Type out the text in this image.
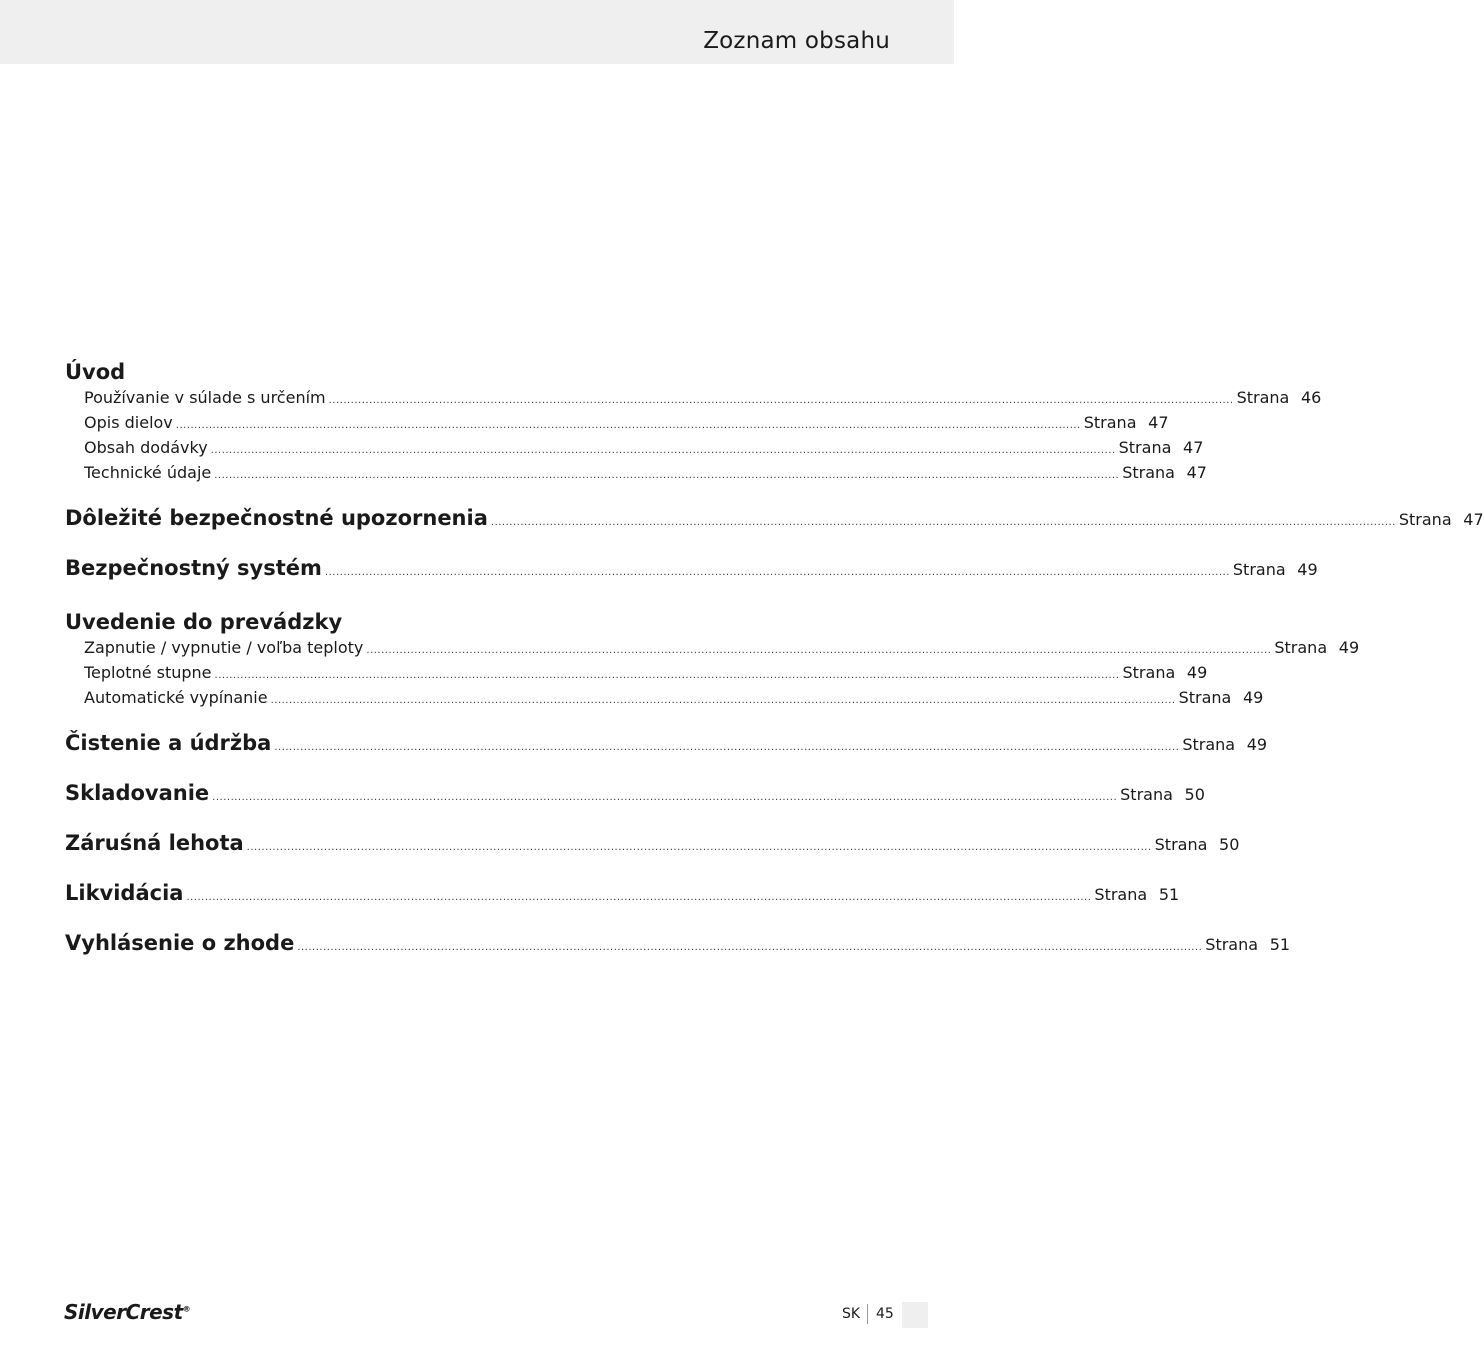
Zoznam obsahu
Úvod
Používanie v súlade s určením ...................................................................................................................................................................................................................................................... Strana 46
Opis dielov ...................................................................................................................................................................................................................................................... Strana 47
Obsah dodávky ...................................................................................................................................................................................................................................................... Strana 47
Technické údaje ...................................................................................................................................................................................................................................................... Strana 47
Dôležité bezpečnostné upozornenia ...................................................................................................................................................................................................................................................... Strana 47
Bezpečnostný systém ...................................................................................................................................................................................................................................................... Strana 49
Uvedenie do prevádzky
Zapnutie / vypnutie / voľba teploty ...................................................................................................................................................................................................................................................... Strana 49
Teplotné stupne ...................................................................................................................................................................................................................................................... Strana 49
Automatické vypínanie ...................................................................................................................................................................................................................................................... Strana 49
Čistenie a údržba ...................................................................................................................................................................................................................................................... Strana 49
Skladovanie ...................................................................................................................................................................................................................................................... Strana 50
Záruśná lehota ...................................................................................................................................................................................................................................................... Strana 50
Likvidácia ...................................................................................................................................................................................................................................................... Strana 51
Vyhlásenie o zhode ...................................................................................................................................................................................................................................................... Strana 51
SilverCrest®	SK 45
